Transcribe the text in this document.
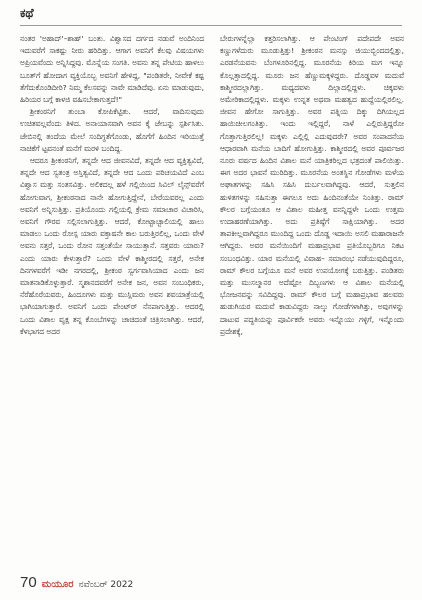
ಕಥೆ

ನಂತರ 'ಅಹಾದ್'–ಶಾಹ್' ಬಂತು. ವಿಶ್ವಾಸದ ದರ್ಗದ ನಡುವೆ ಅಂದಿನಿಂದ ಇದುವರೆಗೆ ಸಾಕಷ್ಟು ನೀರು ಹರಿದಿತ್ತು. ಆಗಾಗ ಅವನಿಗೆ ಕೆಲವು ವಿಷಯಗಳು ಅಪ್ರಿಯವೆಂದು ಅನ್ನಿಸಿದ್ದವು. ಮೊನ್ನೆಯ ಸಂಗತಿ. ಅವನು ತನ್ನ ಪೇಟಿಯ ಹಾಳಲು ಬೂತ್‌ಗೆ ಹೋದಾಗ ವ್ಯಕ್ತಿಯೊಬ್ಬ ಅವನಿಗೆ ಹೇಳಿದ್ದ, "ಪಂಡಿತರೇ, ನೀವೇಕೆ ಕಷ್ಟ ತೆಗೆದುಕೊಂಡಿದೀರಿ? ನಿಮ್ಮ ಕೆಲಸವನ್ನು ನಾವೇ ಮಾಡಿದೆವು. ಏನು ಮಾಡುವುದು, ಹಿರಿಯರ ಬಗ್ಗೆ ಕಾಳಜಿ ವಹಿಸಬೇಕಾಗುತ್ತದೆ!"

ಶ್ರೀಕಂಠನಿಗೆ ತುಂಬಾ ಕೋಪಿಕೆಟ್ಟಿತು. ಆದರೆ, ವಾದಿಸುವುದು ಉಚಿತವಲ್ಲವೆಂದು ತಿಳಿದ. ಅನಾಯಾಸವಾಗಿ ಅವನ ಕೈ ಜೇಬನ್ನು ಸ್ಪರ್ಶಿಸಿತು. ಜೇಬಿನಲ್ಲಿ ತಂದೆಯ ಮೇಲೆ ಸಂದಿಗ್ಧತೆಗೊಂಡು, ಹೊಗೆಗೆ ಹಿಂದಿನ ಇರಿಯುತ್ತೆ ನಾಚಿಕೆಗೆ ಟ್ಟವನಂತೆ ಮನೆಗೆ ಮರಳಿ ಬಂದಿದ್ದ.

ಆದರೂ ಶ್ರೀಕಂಠನಿಗೆ, ತನ್ನದೇ ಆದ ಜೀವನವಿದೆ, ತನ್ನದೇ ಆದ ವ್ಯಕ್ತಿತ್ವವಿದೆ, ತನ್ನದೇ ಆದ ಸ್ವತಂತ್ರ ಅಸ್ತಿತ್ವವಿದೆ, ತನ್ನದೇ ಆದ ಒಂದು ಪರಿಚಯವಿದೆ ಎಂಬ ವಿಶ್ವಾಸ ಮತ್ತು ಸಂತಸವಿತ್ತು. ಅಲಿಕದಲ್ಲ ಹಳೆ ಗಲ್ಲಿಯಿಂದ ಸಿವಿಲ್ ಲೈನ್ಸ್‌ವರೆಗೆ ಹೋಗುವಾಗ, ಶ್ರೀಕಂಠನಾದ ನಾನೇ ಹೋಗುತ್ತಿದ್ದೇನೆ, ಬೇರೆಯವರಲ್ಲ ಎಂದು ಅವನಿಗೆ ಅನ್ನಿಸುತ್ತಿತ್ತು. ಪ್ರತಿಯೊಂದು ಗಲ್ಲಿಯಲ್ಲಿ ಕ್ರೇಮ ಸಮಾಚಾರ ವಿಚಾರಿಸಿ, ಅವನಿಗೆ ಗೌರವ ಸಲ್ಲಿಸಲಾಗುತ್ತಿತ್ತು. ಆದರೆ, ಕೋಟ್ಟಾಚ್ಟಾಲಿಯಲ್ಲಿ ಹಾಲು ಮಾಡಲು ಒಂದು ರೋಸ್ಪ ಯಾರು ವಕ್ತಾಷನೇ ಕಾಲ ಬರುತ್ತಿರಲಿಲ್ಲ, ಒಂದು ವೇಳೆ ಅವನು ಸತ್ತರೆ, ಒಂದು ರೋನ ಸತ್ತಂತೆಯೇ ಸಾಯುತ್ತಾನೆ. ಸತ್ತವರು ಯಾರು? ಎಂದು ಯಾರು ಕೇಳುತ್ತಾರೆ? ಒಂದು ವೇಳೆ ಕಾಶ್ಮೀರದಲ್ಲಿ ಸತ್ತರೆ, ಅನೇಕ ದಿನಗಳವರೆಗೆ ಇಡೀ ನಗರದಲ್ಲಿ, ಶ್ರೀಕಂಠ ಸ್ವರ್ಗವಾಸಿಯಾದ ಎಂದು ಜನ ಮಾತನಾಡಿಕೊಳ್ಳುತ್ತಾರೆ. ಸ್ಮಶಾನದವರೆಗೆ ಅನೇಕ ಜನ, ಅವನ ಸಂಬಂಧಿಕರು, ನೆರೆಹೊರೆಯವರು, ಹಿಂದೂಗಳು ಮತ್ತು ಮುಸ್ಲಿಮರು ಅವನ ಶವಯಾತ್ರೆಯಲ್ಲಿ ಭಾಗಿಯಾಗುತ್ತಾರೆ. ಅವನಿಗೆ ಒಂದು ಪೇಂಟ್‌ರ್ ನೆನಪಾಗುತ್ತಿತ್ತು. ಆದರಲ್ಲಿ ಒಂದು ವಿಶಾಲ ವೃಕ್ಷ ತನ್ನ ಕೊಂಬೆಗಳನ್ನು ಚಾಚಿದಂತೆ ಚಿತ್ರಿಸಲಾಗಿತ್ತು. ಆದರೆ, ಕೆಳಭಾಗದ ಅದರ

ಬೇರುಗಳನ್ನೆಲ್ಲಾ ಕತ್ತರಿಸಲಾಗಿತ್ತು. ಆ ಪೇಂಟಿಂಗ್ ಪದೇಪದೇ ಅವನ ಕಣ್ಣುಗಳೆದುರು ಮೂಡುತ್ತಿತ್ತು! ಶ್ರೀಕಂಠನ ಮನಸ್ಸು ಜಿಯುಬ್ಬಿಂದದಲ್ಲಿತ್ತು, ಎರಡನೆಯವನು ಬೆಂಗಳೂರಿನಲ್ಲಿದ್ದ. ಮೂರನೆಯ ಕಿರಿಯ ಮಗ ಇನ್ನೂ ಕೊಲ್ಲತ್ತಾದಲ್ಲಿದ್ದ. ಮೂರು ಜನ ಹೆಣ್ಣುಮಕ್ಕಳಿದ್ದರು. ದೊಡ್ಡವಳ ಮದುವೆ ಕಾಶ್ಮೀರದಲ್ಲಾಗಿತ್ತು. ಮಧ್ಯದವಳು ದಿಲ್ಲಾದಲ್ಲಿದ್ದಳು. ಚಿಕ್ಕವಳು ಅಮೇರಿಕಾದಲ್ಲಿದ್ದಳು. ಮಕ್ಕಳು ಉನ್ನತ ಅಥವಾ ಮಹತ್ವದ ಹುದ್ದೆಯಲ್ಲಿರಲಿಲ್ಲ. ಜೀವನ ಹೇಗೋ ಸಾಗುತ್ತಿತ್ತು. ಅವರ ಪತ್ನಿಯ ದಿಕ್ಕು ದಿಗಿಯಲ್ಲದ ಹಾಯಿಚೀಲಗಂತಿತ್ತು. ಇಂದು ಇಲ್ಲಿದ್ದರೆ, ನಾಳೆ ಎಲ್ಲಿರುತ್ತಿದ್ದರೋ ಗೊತ್ತಾಗುತ್ತಿರಲಿಲ್ಲ! ಮಕ್ಕಳು ಎಲ್ಲಿಲ್ಲಿ ಎದುವುದರೇ? ಅವರ ಸಂಪಾದನೆಯ ಆಧಾರವಾಗಿ ಮನೆಯ ಬಾದಿಗೆ ಹೋಗುತ್ತಿತ್ತು. ಕಾಶ್ಮೀರದಲ್ಲಿ ಅವರ ಪೂರ್ವಜರ ನೂರು ವರ್ಷದ ಹಿಂದಿನ ವಿಶಾಲ ಮನೆ ಯಾತ್ರಿಕರಿಲ್ಲದ ಭತ್ರದಂತೆ ಪಾಲಿಯಿತ್ತು. ಈಗ ಅದರ ಭಾವನೆ ಮುರಿದಿತ್ತು. ಮೂರನೆಯ ಅಂತಸ್ಥಿನ ಗೋಡೆಗಳು ಮಳೆಯ ಅಘಾತಗಳನ್ನು ಸಹಿಸಿ ಸಹಿಸಿ ದುರ್ಬಲವಾಗಿದ್ದವು. ಆದರೆ, ಸುತ್ತಲಿನ ಹುಳಿತಗಳನ್ನು ಸಹಿಸುತ್ತಾ ಈಗಲೂ ಅದು ಹಿಂದಿನಂತೆಯೇ ನಿಂತಿತ್ತು. ರಾಮ್ ಕೌಲರ ಬಗ್ಗೆಯಂತೂ ಆ ವಿಶಾಲ ಮಹೀತ್ತ ವನನ್ನಿದ್ದಳೇ ಒಂದು ಉತ್ತಮ ಉದಾಹರಣೆಯಾಗಿತ್ತು. ಅದು ಪ್ರತಿಷ್ಠೆಗೆ ಸಾಕ್ಷಿಯಾಗಿತ್ತು. ಅದರ ತಾಪಕೀಲ್ಲವಾಗಿದ್ದರೂ ಮುಂದಿದ್ದ ಒಂದು ದೊಡ್ಡ ಇದಾಯಿ ಅಸಲಿ ಮಹಾರಾಜನೇ ಆಗಿದ್ದರು. ಅವರ ಮನೆಯಿಂದಿಗೆ ಮಹಾಪ್ರಭಾವ ಪ್ರತಿಯೊಬ್ಬರಿಗೂ ನಿಕಟ ಸಂಬಂಧವಿತ್ತು. ಯಾರ ಮನೆಯಲ್ಲಿ ವಿವಾಹ– ಸಮಾರಂಭ ನಡೆಯುವುದಿದ್ದರೂ, ರಾಮ್ ಕೌಲರ ಬಗ್ಗೆಯೂ ಮನೆ ಅವರ ಉಪಯೋಗಕ್ಕೆ ಬರುತ್ತಿತ್ತು. ಪಂಡಿತರು ಮತ್ತು ಮುಸಲ್ಮಾನರ ಅದೆಷ್ಟೋ ದಿಬ್ಬಣಗಳು ಆ ವಿಶಾಲ ಮನೆಯಲ್ಲಿ ಭೋಜನವನ್ನು ಸವಿದಿದ್ದವು. ರಾಮ್ ಕೌಲರ ಬಗ್ಗೆ ಮಹಾಪ್ರಭಾವ ಹಲವರು ಹುಡುಗಿಯರ ಮದುವೆ ಕಾಡುವಿದ್ದರು ನಾಲ್ಕು ಗೋಡೆಗಳಾಗಿತ್ತು, ಅವುಗಳನ್ನು ದಾಟುವ ಪದ್ಧತಿಯನ್ನು ಪೂರ್ವಿಕರೇ ಅವರು ಇನ್ನೊಯು ಗಳ್ಳಿಗೆ, ಇನ್ನೊಂದು ಪ್ರದೇಶಕ್ಕೆ,

70 ಮಯೂರ ನವೆಂಬರ್ 2022
